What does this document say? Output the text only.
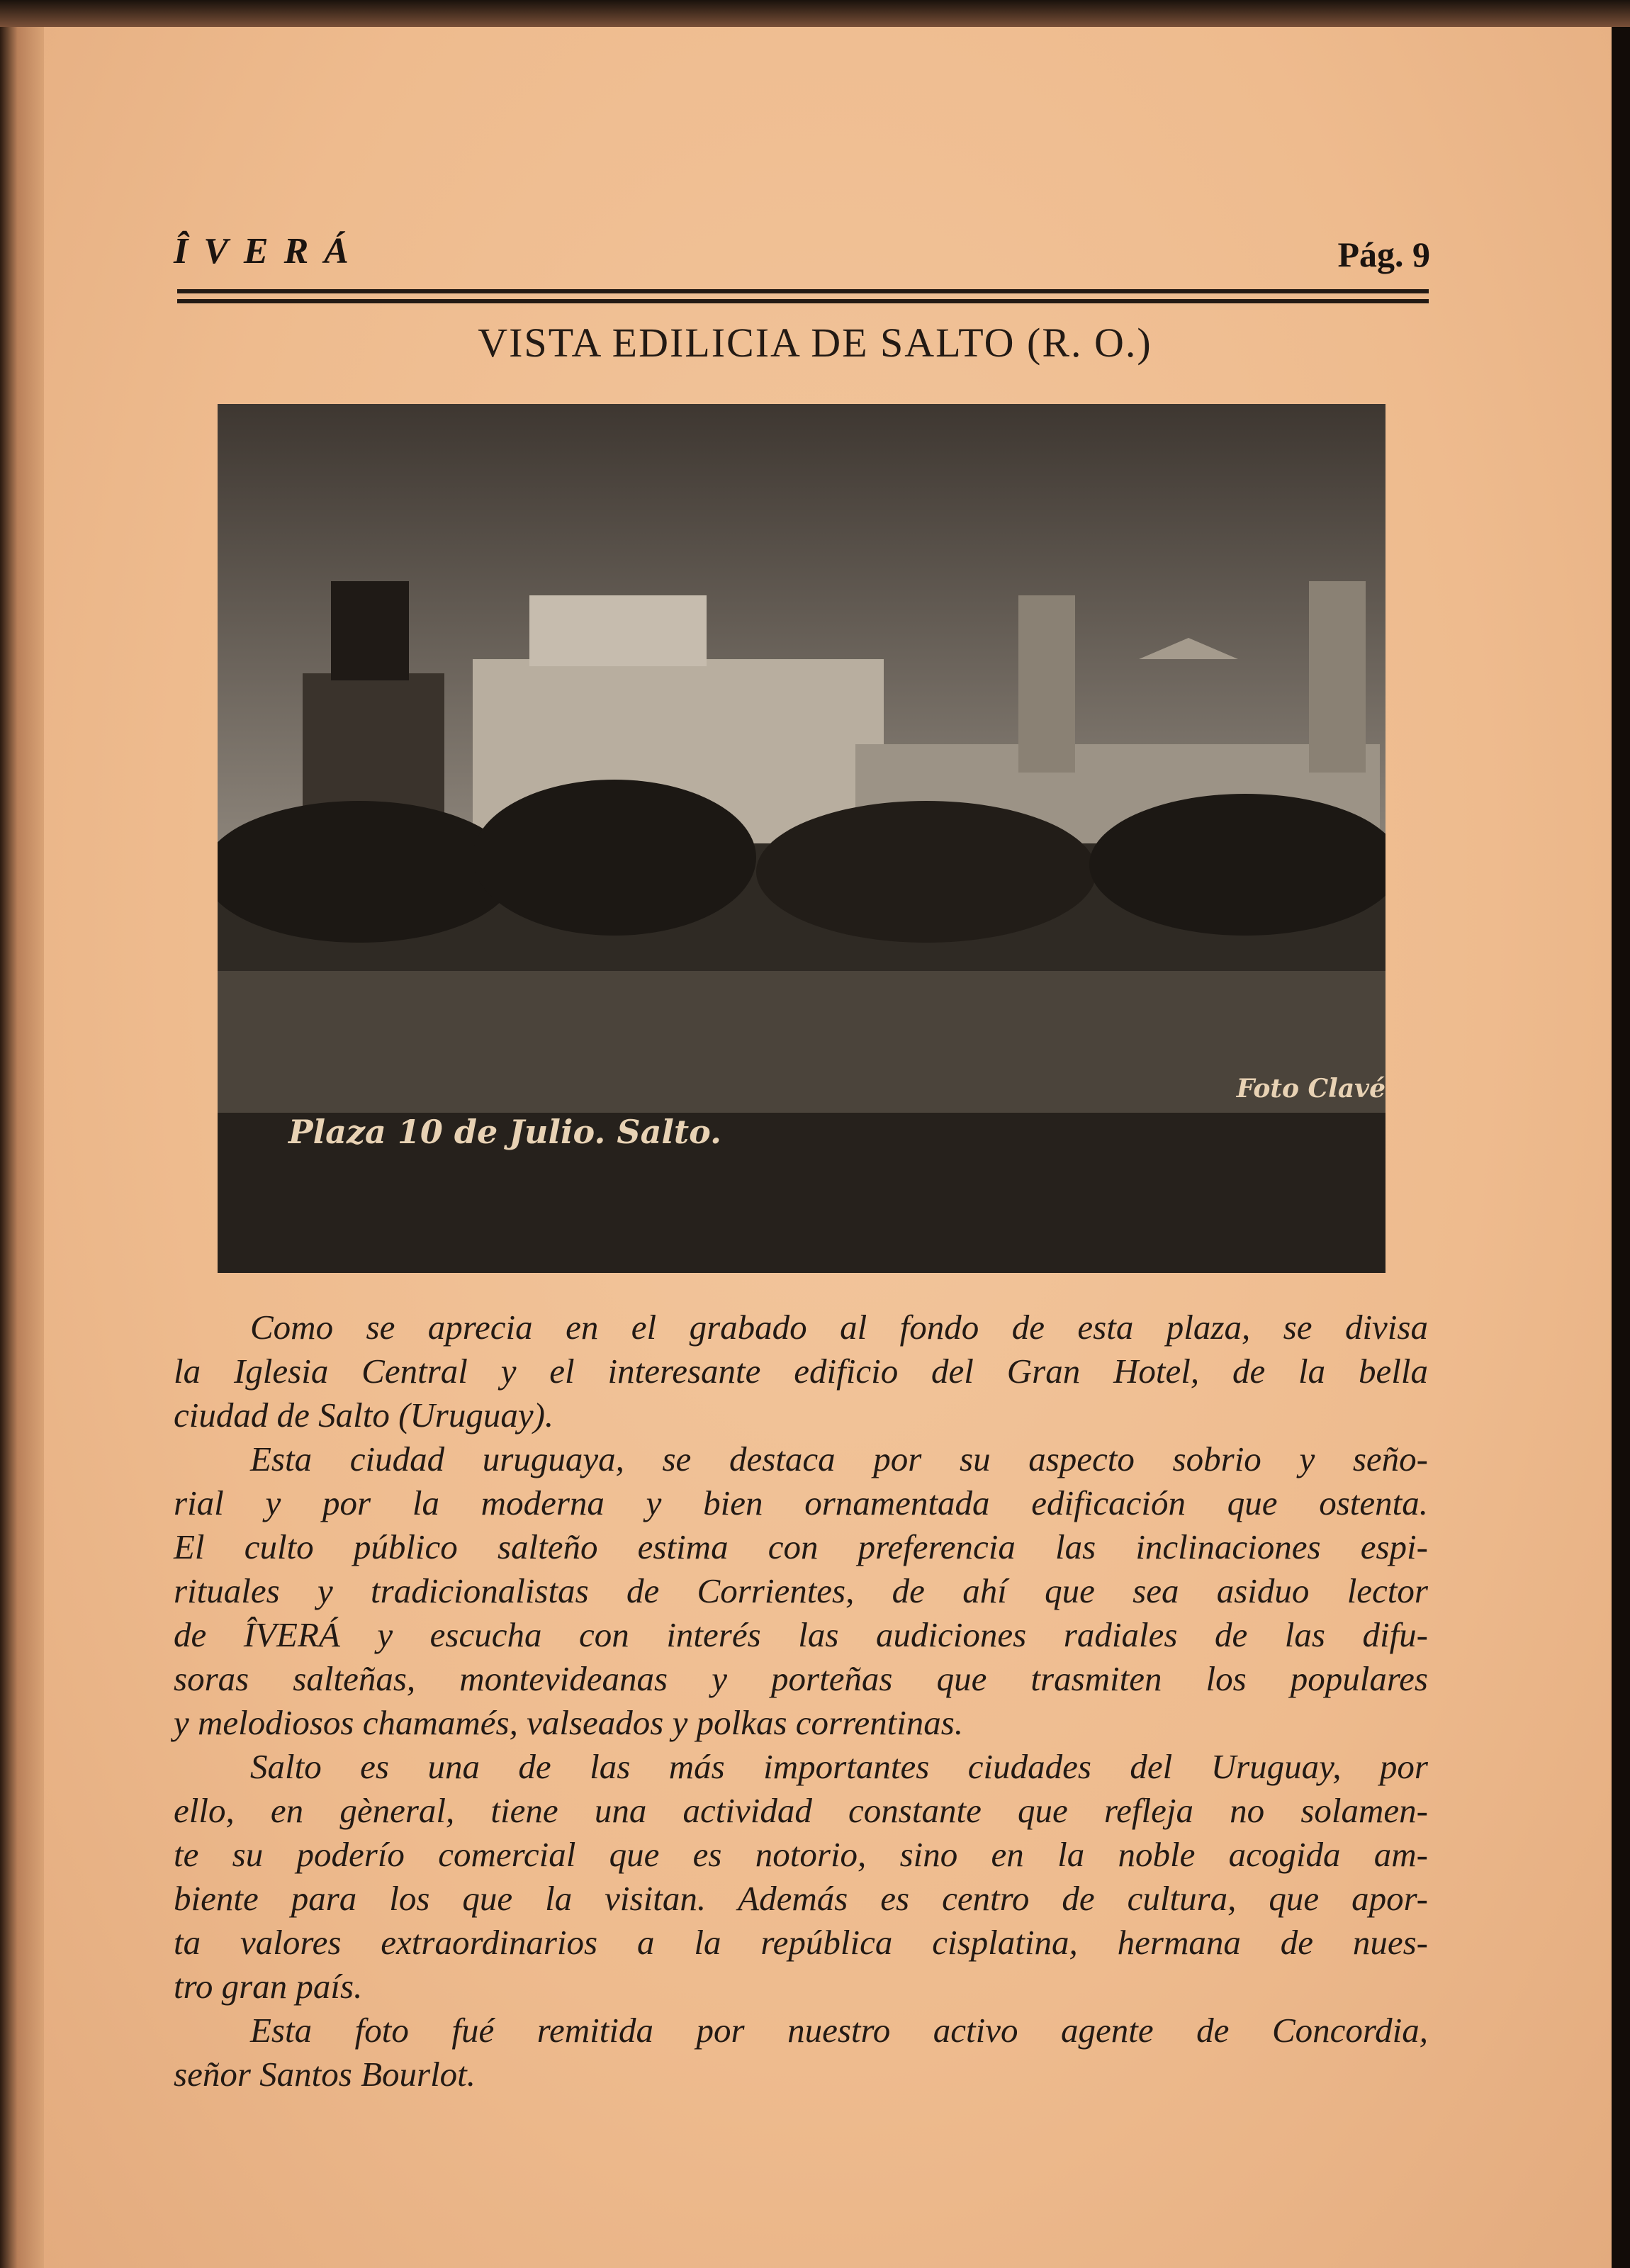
ÎVERÁ	Pág. 9
VISTA EDILICIA DE SALTO (R. O.)
Plaza 10 de Julio. Salto.
Foto Clavé
Como se aprecia en el grabado al fondo de esta plaza, se divisa
la Iglesia Central y el interesante edificio del Gran Hotel, de la bella
ciudad de Salto (Uruguay).
Esta ciudad uruguaya, se destaca por su aspecto sobrio y seño-
rial y por la moderna y bien ornamentada edificación que ostenta.
El culto público salteño estima con preferencia las inclinaciones espi-
rituales y tradicionalistas de Corrientes, de ahí que sea asiduo lector
de ÎVERÁ y escucha con interés las audiciones radiales de las difu-
soras salteñas, montevideanas y porteñas que trasmiten los populares
y melodiosos chamamés, valseados y polkas correntinas.
Salto es una de las más importantes ciudades del Uruguay, por
ello, en gèneral, tiene una actividad constante que refleja no solamen-
te su poderío comercial que es notorio, sino en la noble acogida am-
biente para los que la visitan. Además es centro de cultura, que apor-
ta valores extraordinarios a la república cisplatina, hermana de nues-
tro gran país.
Esta foto fué remitida por nuestro activo agente de Concordia,
señor Santos Bourlot.
